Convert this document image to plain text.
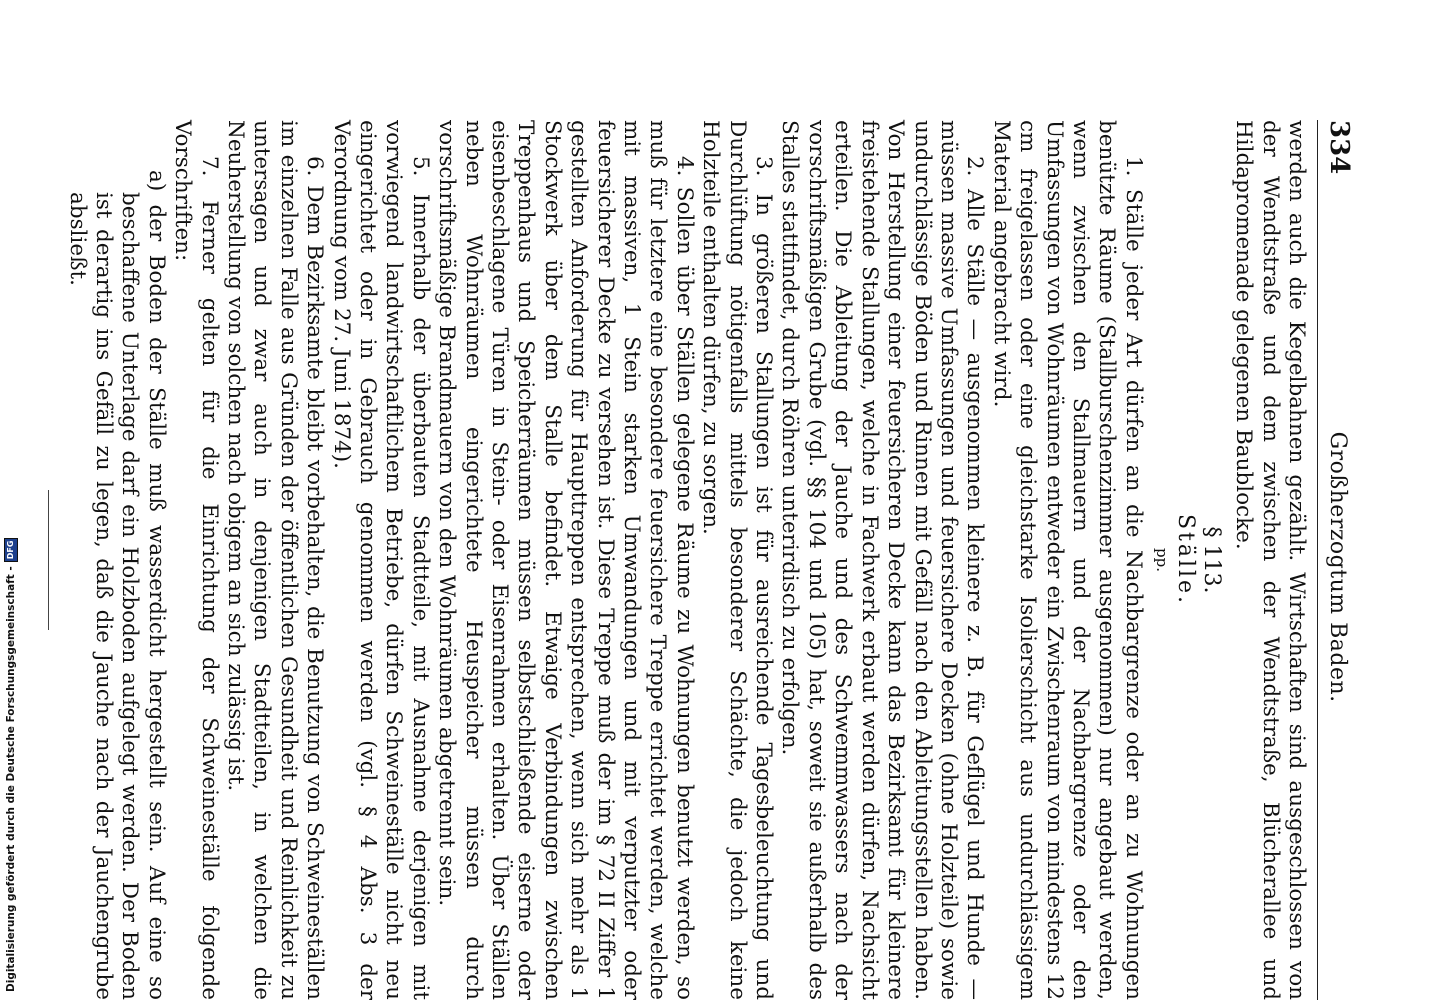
334
Großherzogtum Baden.

werden auch die Kegelbahnen gezählt. Wirtschaften sind ausgeschlossen von der Wendtstraße und dem zwischen der Wendtstraße, Blücherallee und Hildapromenade gelegenen Baublocke.

§ 113.
Ställe.
pp.

1. Ställe jeder Art dürfen an die Nachbargrenze oder an zu Wohnungen benützte Räume (Stallburschenzimmer ausgenommen) nur angebaut werden, wenn zwischen den Stallmauern und der Nachbargrenze oder den Umfassungen von Wohnräumen entweder ein Zwischenraum von mindestens 12 cm freigelassen oder eine gleichstarke Isolierschicht aus undurchlässigem Material angebracht wird.

2. Alle Ställe — ausgenommen kleinere z. B. für Geflügel und Hunde — müssen massive Umfassungen und feuersichere Decken (ohne Holzteile) sowie undurchlässige Böden und Rinnen mit Gefäll nach den Ableitungsstellen haben. Von Herstellung einer feuersicheren Decke kann das Bezirksamt für kleinere freistehende Stallungen, welche in Fachwerk erbaut werden dürfen, Nachsicht erteilen. Die Ableitung der Jauche und des Schwemmwassers nach der vorschriftsmäßigen Grube (vgl. §§ 104 und 105) hat, soweit sie außerhalb des Stalles stattfindet, durch Röhren unterirdisch zu erfolgen.

3. In größeren Stallungen ist für ausreichende Tagesbeleuchtung und Durchlüftung nötigenfalls mittels besonderer Schächte, die jedoch keine Holzteile enthalten dürfen, zu sorgen.

4. Sollen über Ställen gelegene Räume zu Wohnungen benutzt werden, so muß für letztere eine besondere feuersichere Treppe errichtet werden, welche mit massiven, 1 Stein starken Umwandungen und mit verputzter oder feuersicherer Decke zu versehen ist. Diese Treppe muß der im § 72 II Ziffer 1 gestellten Anforderung für Haupttreppen entsprechen, wenn sich mehr als 1 Stockwerk über dem Stalle befindet. Etwaige Verbindungen zwischen Treppenhaus und Speicherräumen müssen selbstschließende eiserne oder eisenbeschlagene Türen in Stein- oder Eisenrahmen erhalten. Über Ställen neben Wohnräumen eingerichtete Heuspeicher müssen durch vorschriftsmäßige Brandmauern von den Wohnräumen abgetrennt sein.

5. Innerhalb der überbauten Stadtteile, mit Ausnahme derjenigen mit vorwiegend landwirtschaftlichem Betriebe, dürfen Schweineställe nicht neu eingerichtet oder in Gebrauch genommen werden (vgl. § 4 Abs. 3 der Verordnung vom 27. Juni 1874).

6. Dem Bezirksamte bleibt vorbehalten, die Benutzung von Schweineställen im einzelnen Falle aus Gründen der öffentlichen Gesundheit und Reinlichkeit zu untersagen und zwar auch in denjenigen Stadtteilen, in welchen die Neuherstellung von solchen nach obigem an sich zulässig ist.

7. Ferner gelten für die Einrichtung der Schweineställe folgende Vorschriften:

a) der Boden der Ställe muß wasserdicht hergestellt sein. Auf eine so beschaffene Unterlage darf ein Holzboden aufgelegt werden. Der Boden ist derartig ins Gefäll zu legen, daß die Jauche nach der Jauchengrube absließt.

Digitalisierung gefördert durch die Deutsche Forschungsgemeinschaft -
DFG
